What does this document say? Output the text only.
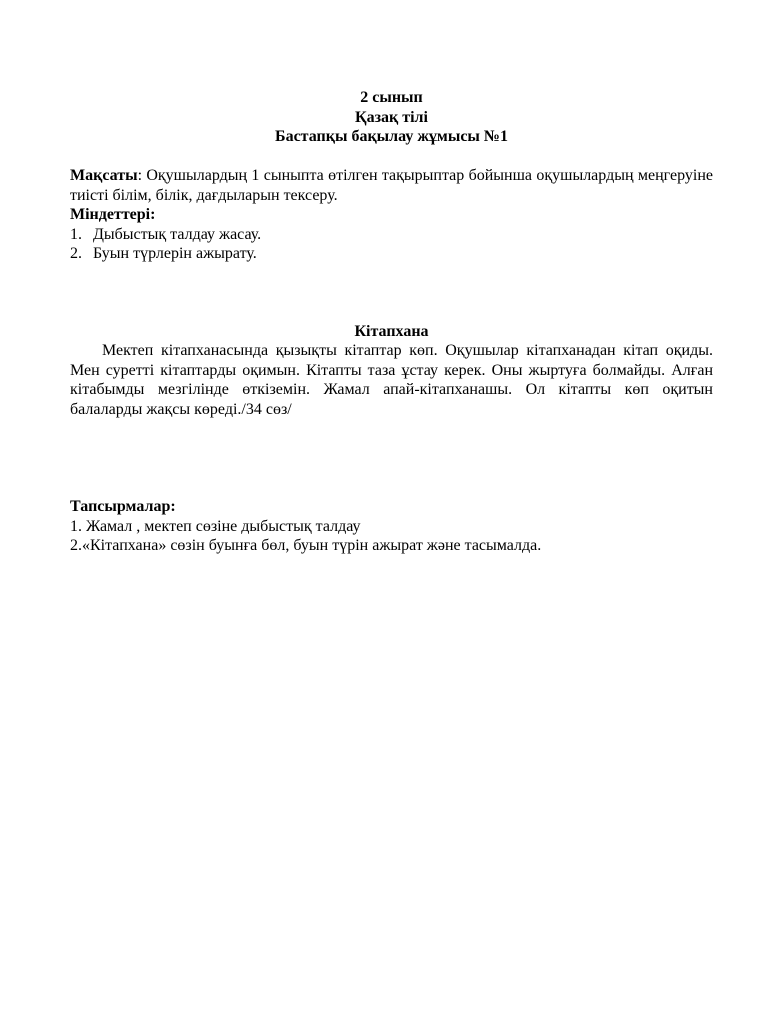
2 сынып
Қазақ тілі
Бастапқы бақылау жұмысы №1
Мақсаты: Оқушылардың 1 сыныпта өтілген тақырыптар бойынша оқушылардың меңгеруіне тиісті білім, білік, дағдыларын тексеру.
Міндеттері:
1. Дыбыстық талдау жасау.
2. Буын түрлерін ажырату.
Кітапхана
Мектеп кітапханасында қызықты кітаптар көп. Оқушылар кітапханадан кітап оқиды. Мен суретті кітаптарды оқимын. Кітапты таза ұстау керек. Оны жыртуға болмайды. Алған кітабымды мезгілінде өткіземін. Жамал апай-кітапханашы. Ол кітапты көп оқитын балаларды жақсы көреді./34 сөз/
Тапсырмалар:
1. Жамал , мектеп сөзіне дыбыстық талдау
2.«Кітапхана» сөзін буынға бөл, буын түрін ажырат және тасымалда.
